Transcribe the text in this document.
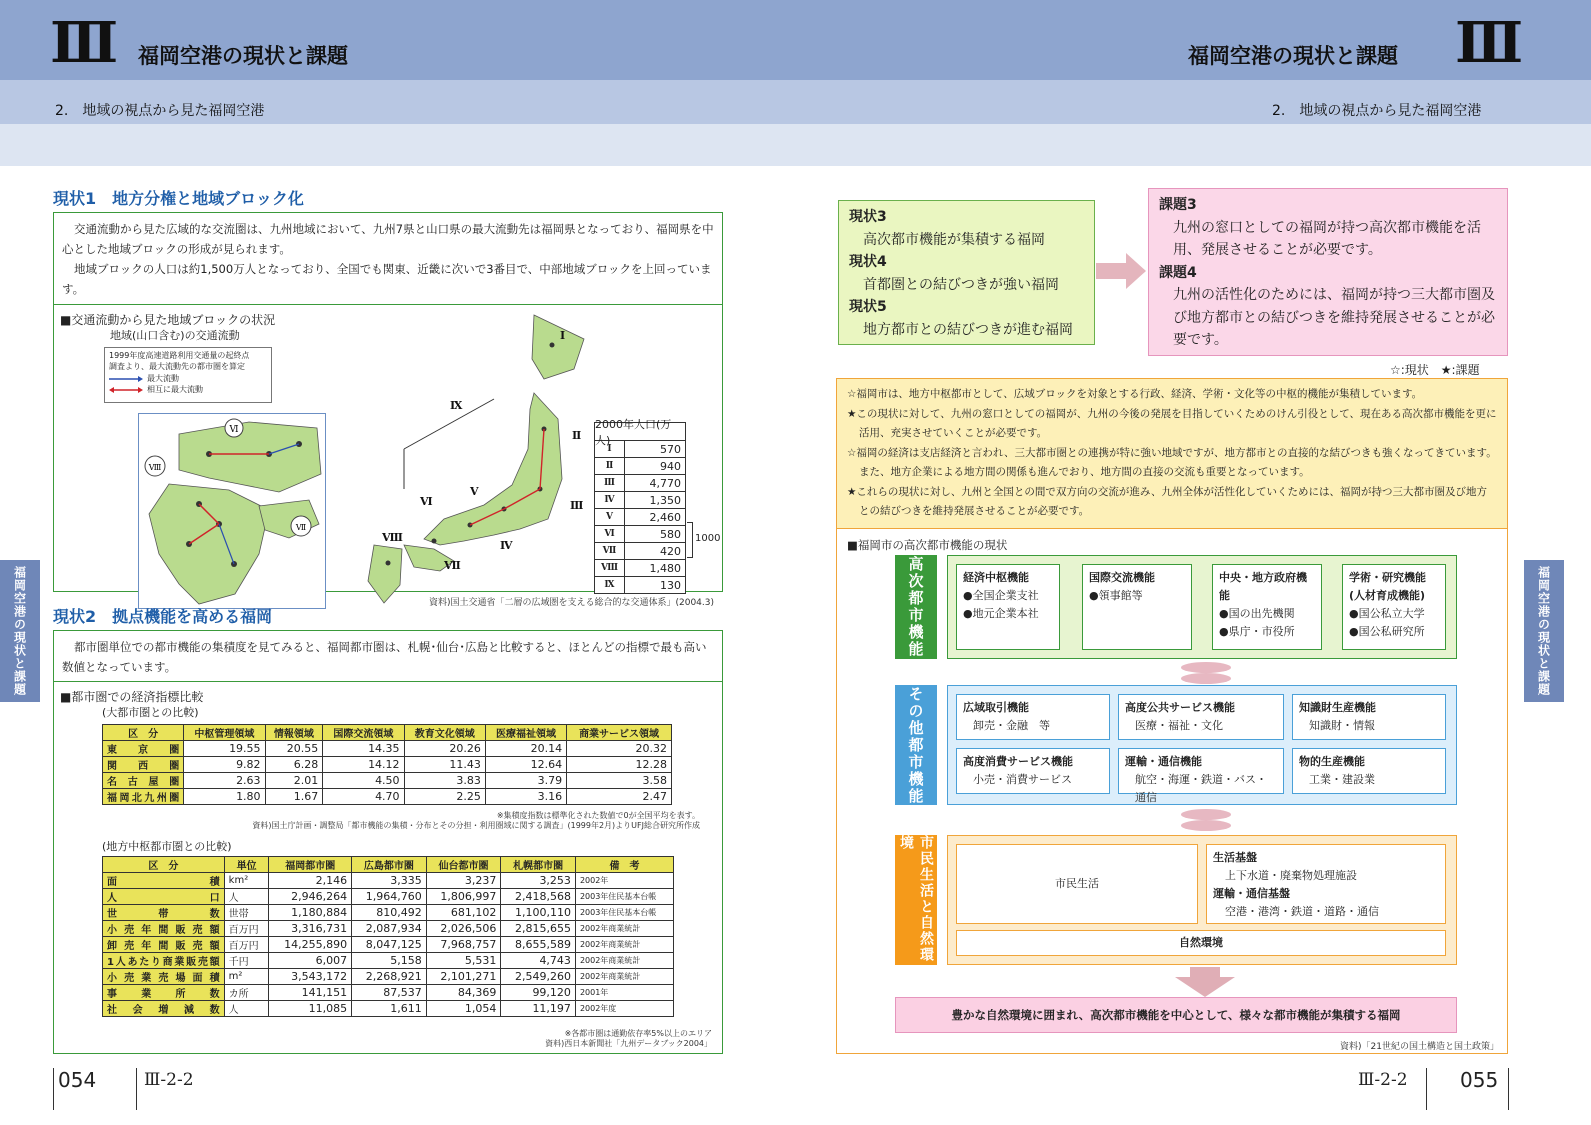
Ⅲ 福岡空港の現状と課題	福岡空港の現状と課題 Ⅲ
2.　地域の視点から見た福岡空港	2.　地域の視点から見た福岡空港
福岡空港の現状と課題	福岡空港の現状と課題
現状1　地方分権と地域ブロック化
交通流動から見た広域的な交流圏は、九州地域において、九州7県と山口県の最大流動先は福岡県となっており、福岡県を中心とした地域ブロックの形成が見られます。
地域ブロックの人口は約1,500万人となっており、全国でも関東、近畿に次いで3番目で、中部地域ブロックを上回っています。
■交通流動から見た地域ブロックの状況
地域(山口含む)の交通流動
1999年度高速道路利用交通量の起終点
調査より、最大流動先の都市圏を算定
最大流動
相互に最大流動
Ⅵ
Ⅷ
Ⅶ
Ⅰ
Ⅱ
Ⅲ
Ⅳ
Ⅴ
Ⅵ
Ⅶ
Ⅷ
Ⅸ
2000年人口(万人)
Ⅰ	570
Ⅱ	940
Ⅲ	4,770
Ⅳ	1,350
Ⅴ	2,460
Ⅵ	580
Ⅶ	420
Ⅷ	1,480
Ⅸ	130
1000
資料)国土交通省「二層の広域圏を支える総合的な交通体系」(2004.3)
現状2　拠点機能を高める福岡
都市圏単位での都市機能の集積度を見てみると、福岡都市圏は、札幌･仙台･広島と比較すると、ほとんどの指標で最も高い数値となっています。
■都市圏での経済指標比較
(大都市圏との比較)
区　分	中枢管理領域	情報領域	国際交流領域	教育文化領域	医療福祉領域	商業サービス領域
東京圏	19.55	20.55	14.35	20.26	20.14	20.32
関西圏	9.82	6.28	14.12	11.43	12.64	12.28
名古屋圏	2.63	2.01	4.50	3.83	3.79	3.58
福岡北九州圏	1.80	1.67	4.70	2.25	3.16	2.47
※集積度指数は標準化された数値で0が全国平均を表す。
資料)国土庁計画・調整局「都市機能の集積・分布とその分担・利用圏域に関する調査」(1999年2月)よりUFJ総合研究所作成
(地方中枢都市圏との比較)
区　分	単位	福岡都市圏	広島都市圏	仙台都市圏	札幌都市圏	備　考
面積	km²	2,146	3,335	3,237	3,253	2002年
人口	人	2,946,264	1,964,760	1,806,997	2,418,568	2003年住民基本台帳
世帯数	世帯	1,180,884	810,492	681,102	1,100,110	2003年住民基本台帳
小売年間販売額	百万円	3,316,731	2,087,934	2,026,506	2,815,655	2002年商業統計
卸売年間販売額	百万円	14,255,890	8,047,125	7,968,757	8,655,589	2002年商業統計
1人あたり商業販売額	千円	6,007	5,158	5,531	4,743	2002年商業統計
小売業売場面積	m²	3,543,172	2,268,921	2,101,271	2,549,260	2002年商業統計
事業所数	カ所	141,151	87,537	84,369	99,120	2001年
社会増減数	人	11,085	1,611	1,054	11,197	2002年度
※各都市圏は通勤依存率5%以上のエリア
資料)西日本新聞社「九州データブック2004」
054	Ⅲ-2-2
現状3
高次都市機能が集積する福岡
現状4
首都圏との結びつきが強い福岡
現状5
地方都市との結びつきが進む福岡
課題3
九州の窓口としての福岡が持つ高次都市機能を活用、発展させることが必要です。
課題4
九州の活性化のためには、福岡が持つ三大都市圏及び地方都市との結びつきを維持発展させることが必要です。
☆:現状　★:課題
☆福岡市は、地方中枢都市として、広域ブロックを対象とする行政、経済、学術・文化等の中枢的機能が集積しています。
★この現状に対して、九州の窓口としての福岡が、九州の今後の発展を目指していくためのけん引役として、現在ある高次都市機能を更に活用、充実させていくことが必要です。
☆福岡の経済は支店経済と言われ、三大都市圏との連携が特に強い地域ですが、地方都市との直接的な結びつきも強くなってきています。また、地方企業による地方間の関係も進んでおり、地方間の直接の交流も重要となっています。
★これらの現状に対し、九州と全国との間で双方向の交流が進み、九州全体が活性化していくためには、福岡が持つ三大都市圏及び地方との結びつきを維持発展させることが必要です。
■福岡市の高次都市機能の現状
高次都市機能	経済中枢機能
●全国企業支社
●地元企業本社
国際交流機能
●領事館等
中央・地方政府機能
●国の出先機関
●県庁・市役所
学術・研究機能
(人材育成機能)
●国公私立大学
●国公私研究所
その他都市機能	広域取引機能
卸売・金融　等
高度公共サービス機能
医療・福祉・文化
知識財生産機能
知識財・情報
高度消費サービス機能
小売・消費サービス
運輸・通信機能
航空・海運・鉄道・バス・通信
物的生産機能
工業・建設業
市民生活と自然環境
市民生活
生活基盤
上下水道・廃棄物処理施設
運輸・通信基盤
空港・港湾・鉄道・道路・通信
自然環境
豊かな自然環境に囲まれ、高次都市機能を中心として、様々な都市機能が集積する福岡
資料)「21世紀の国土構造と国土政策」
Ⅲ-2-2	055
